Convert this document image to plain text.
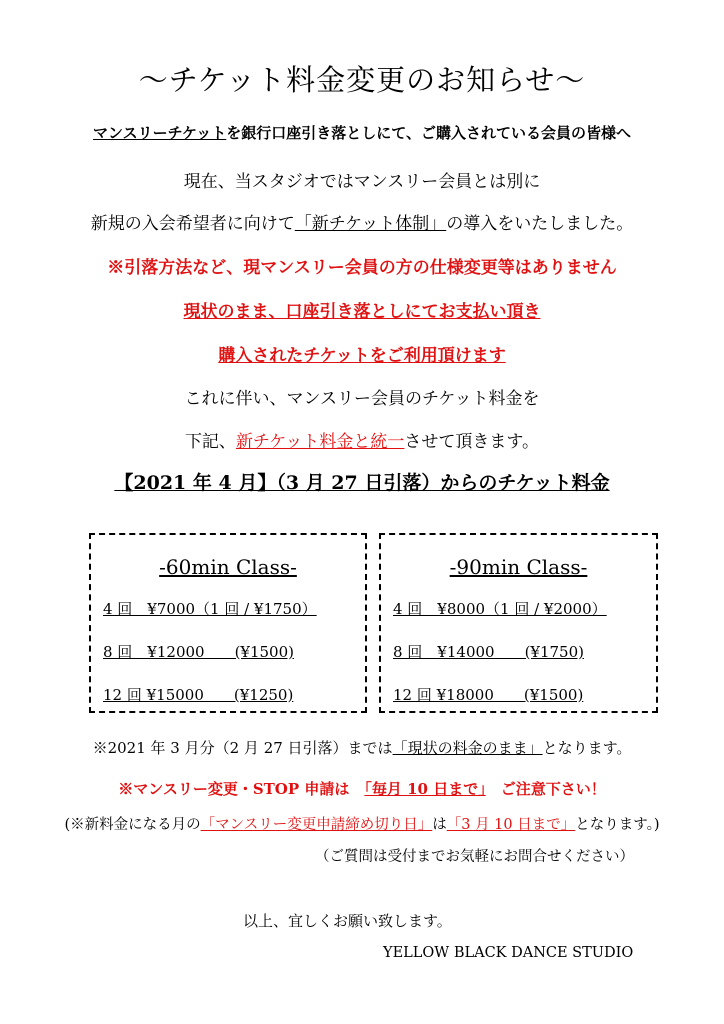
～チケット料金変更のお知らせ～
マンスリーチケットを銀行口座引き落としにて、ご購入されている会員の皆様へ
現在、当スタジオではマンスリー会員とは別に
新規の入会希望者に向けて「新チケット体制」の導入をいたしました。
※引落方法など、現マンスリー会員の方の仕様変更等はありません
現状のまま、口座引き落としにてお支払い頂き
購入されたチケットをご利用頂けます
これに伴い、マンスリー会員のチケット料金を
下記、新チケット料金と統一させて頂きます。
【2021 年 4 月】（3 月 27 日引落）からのチケット料金
-60min Class-
4 回　¥7000（1 回 / ¥1750）
8 回　¥12000　　(¥1500)
12 回 ¥15000　　(¥1250)
-90min Class-
4 回　¥8000（1 回 / ¥2000）
8 回　¥14000　　(¥1750)
12 回 ¥18000　　(¥1500)
※2021 年 3 月分（2 月 27 日引落）までは「現状の料金のまま」となります。
※マンスリー変更・STOP 申請は　「毎月 10 日まで」　ご注意下さい！
(※新料金になる月の「マンスリー変更申請締め切り日」は「3 月 10 日まで」となります。)
（ご質問は受付までお気軽にお問合せください）
以上、宜しくお願い致します。
YELLOW BLACK DANCE STUDIO
